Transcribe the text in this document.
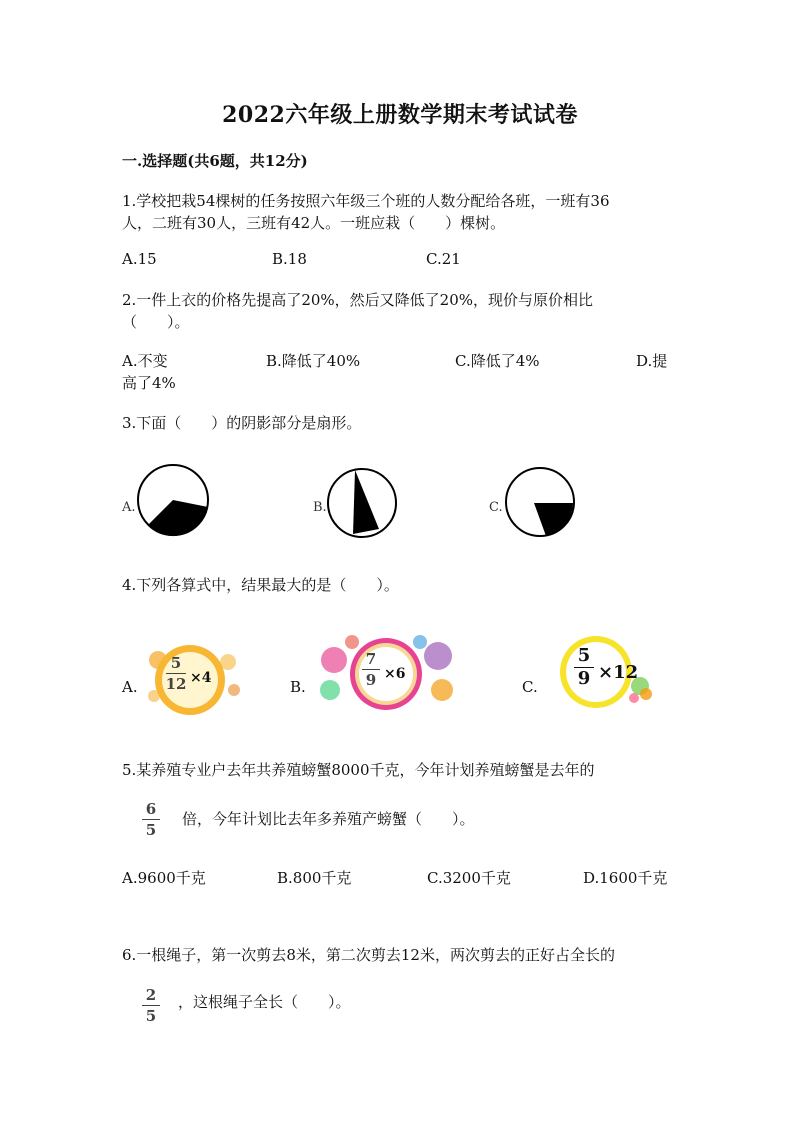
2022六年级上册数学期末考试试卷
一.选择题(共6题，共12分)
1.学校把栽54棵树的任务按照六年级三个班的人数分配给各班，一班有36
人，二班有30人，三班有42人。一班应栽（　　）棵树。
A.15	B.18	C.21
2.一件上衣的价格先提高了20%，然后又降低了20%，现价与原价相比
（　　）。
A.不变	B.降低了40%	C.降低了4%	D.提
高了4%
3.下面（　　）的阴影部分是扇形。
A.	B.	C.
4.下列各算式中，结果最大的是（　　）。
A.
5
12 ×4	B.
7
9 ×6
C.
5
9 ×12
5.某养殖专业户去年共养殖螃蟹8000千克，今年计划养殖螃蟹是去年的
6
5
倍，今年计划比去年多养殖产螃蟹（　　）。
A.9600千克	B.800千克	C.3200千克	D.1600千克
6.一根绳子，第一次剪去8米，第二次剪去12米，两次剪去的正好占全长的
2
5
，这根绳子全长（　　）。
